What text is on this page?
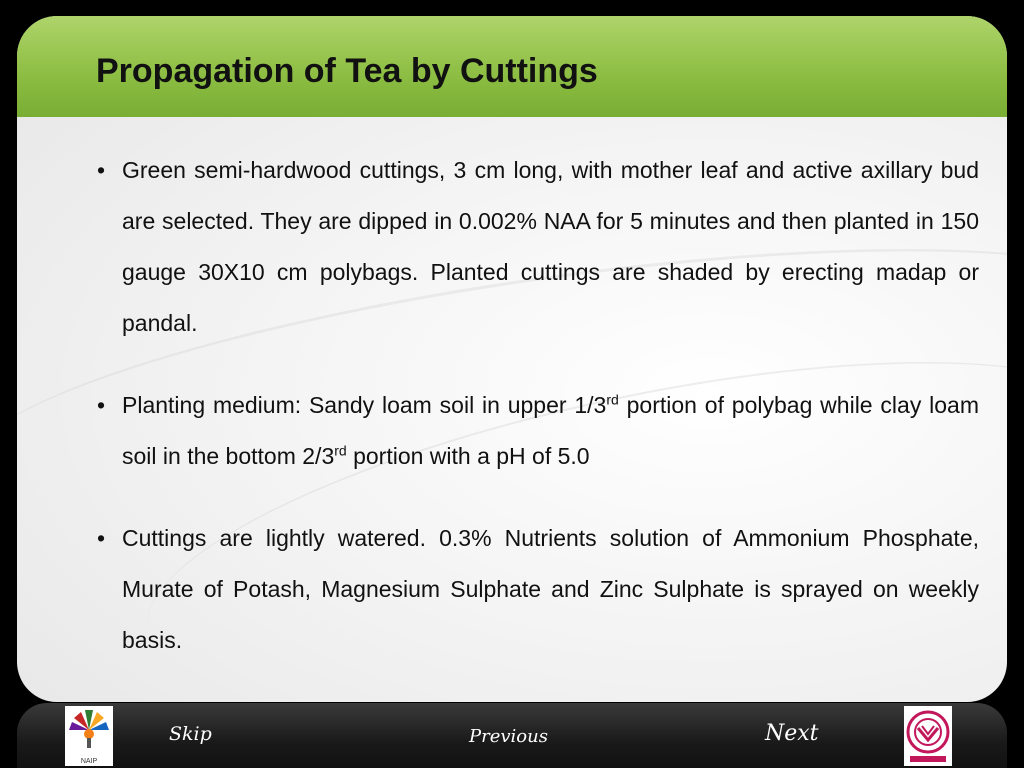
Propagation of Tea by Cuttings

• Green semi-hardwood cuttings, 3 cm long, with mother leaf and active axillary bud are selected. They are dipped in 0.002% NAA for 5 minutes and then planted in 150 gauge 30X10 cm polybags. Planted cuttings are shaded by erecting madap or pandal.

• Planting medium: Sandy loam soil in upper 1/3rd portion of polybag while clay loam soil in the bottom 2/3rd portion with a pH of 5.0

• Cuttings are lightly watered. 0.3% Nutrients solution of Ammonium Phosphate, Murate of Potash, Magnesium Sulphate and Zinc Sulphate is sprayed on weekly basis.

NAIP
Skip	Previous	Next
